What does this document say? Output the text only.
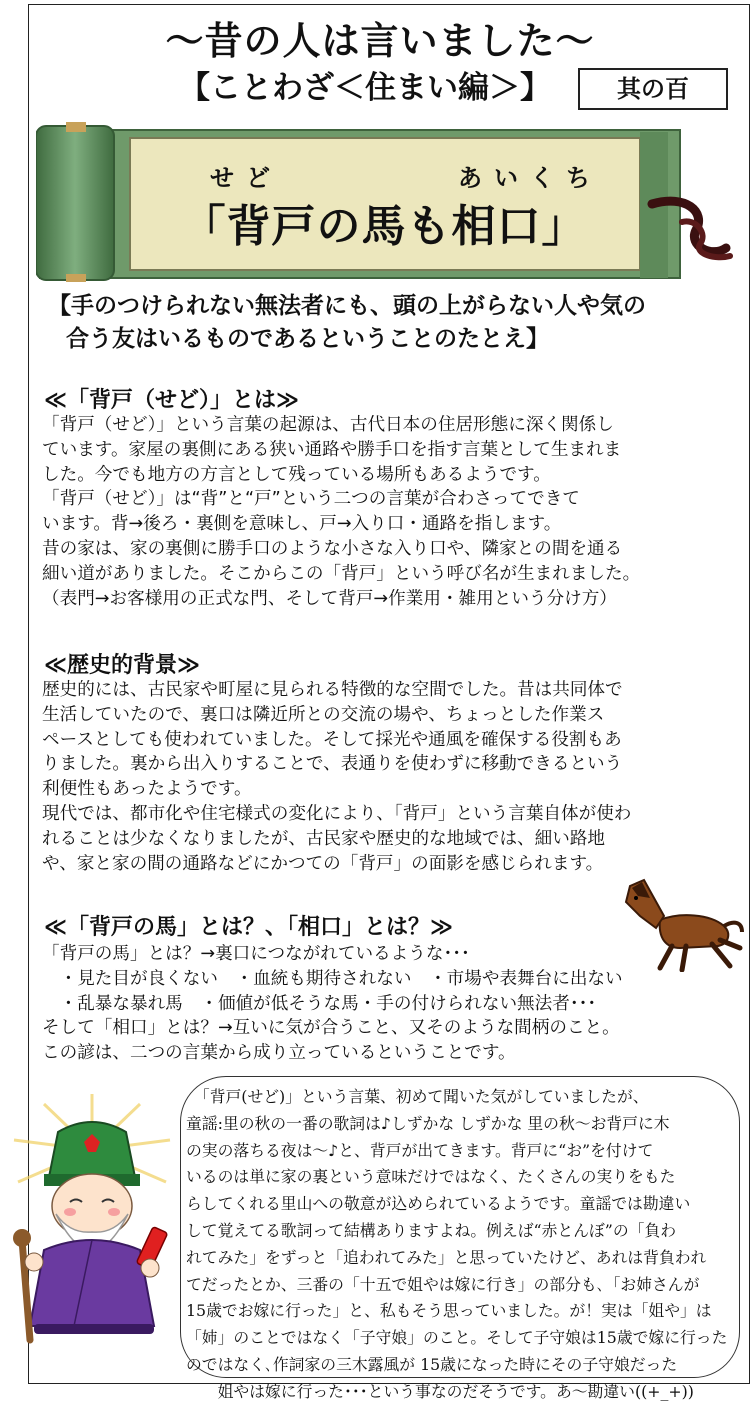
～昔の人は言いました～
【ことわざ＜住まい編＞】	其の百
せど	あいくち
「背戸の馬も相口」
【手のつけられない無法者にも、頭の上がらない人や気の
合う友はいるものであるということのたとえ】
≪「背戸（せど）」とは≫
「背戸（せど）」という言葉の起源は、古代日本の住居形態に深く関係し
ています。家屋の裏側にある狭い通路や勝手口を指す言葉として生まれま
した。今でも地方の方言として残っている場所もあるようです。
「背戸（せど）」は“背”と“戸”という二つの言葉が合わさってできて
います。背→後ろ・裏側を意味し、戸→入り口・通路を指します。
昔の家は、家の裏側に勝手口のような小さな入り口や、隣家との間を通る
細い道がありました。そこからこの「背戸」という呼び名が生まれました。
（表門→お客様用の正式な門、そして背戸→作業用・雑用という分け方）
≪歴史的背景≫
歴史的には、古民家や町屋に見られる特徴的な空間でした。昔は共同体で
生活していたので、裏口は隣近所との交流の場や、ちょっとした作業ス
ペースとしても使われていました。そして採光や通風を確保する役割もあ
りました。裏から出入りすることで、表通りを使わずに移動できるという
利便性もあったようです。
現代では、都市化や住宅様式の変化により、「背戸」という言葉自体が使わ
れることは少なくなりましたが、古民家や歴史的な地域では、細い路地
や、家と家の間の通路などにかつての「背戸」の面影を感じられます。
≪「背戸の馬」とは？、「相口」とは？≫
「背戸の馬」とは？→裏口につながれているような･･･
　・見た目が良くない　・血統も期待されない　・市場や表舞台に出ない
　・乱暴な暴れ馬　・価値が低そうな馬・手の付けられない無法者･･･
そして「相口」とは？→互いに気が合うこと、又そのような間柄のこと。
この諺は、二つの言葉から成り立っているということです。
　「背戸(せど)」という言葉、初めて聞いた気がしていましたが、
童謡:里の秋の一番の歌詞は♪しずかな しずかな 里の秋～お背戸に木
の実の落ちる夜は～♪と、背戸が出てきます。背戸に“お”を付けて
いるのは単に家の裏という意味だけではなく、たくさんの実りをもた
らしてくれる里山への敬意が込められているようです。童謡では勘違い
して覚えてる歌詞って結構ありますよね。例えば“赤とんぼ”の「負わ
れてみた」をずっと「追われてみた」と思っていたけど、あれは背負われ
てだったとか、三番の「十五で姐やは嫁に行き」の部分も､「お姉さんが
15歳でお嫁に行った」と、私もそう思っていました。が！実は「姐や」は
「姉」のことではなく「子守娘」のこと。そして子守娘は15歳で嫁に行った
のではなく､作詞家の三木露風が 15歳になった時にその子守娘だった
　　姐やは嫁に行った･･･という事なのだそうです。あ～勘違い((+_+))
